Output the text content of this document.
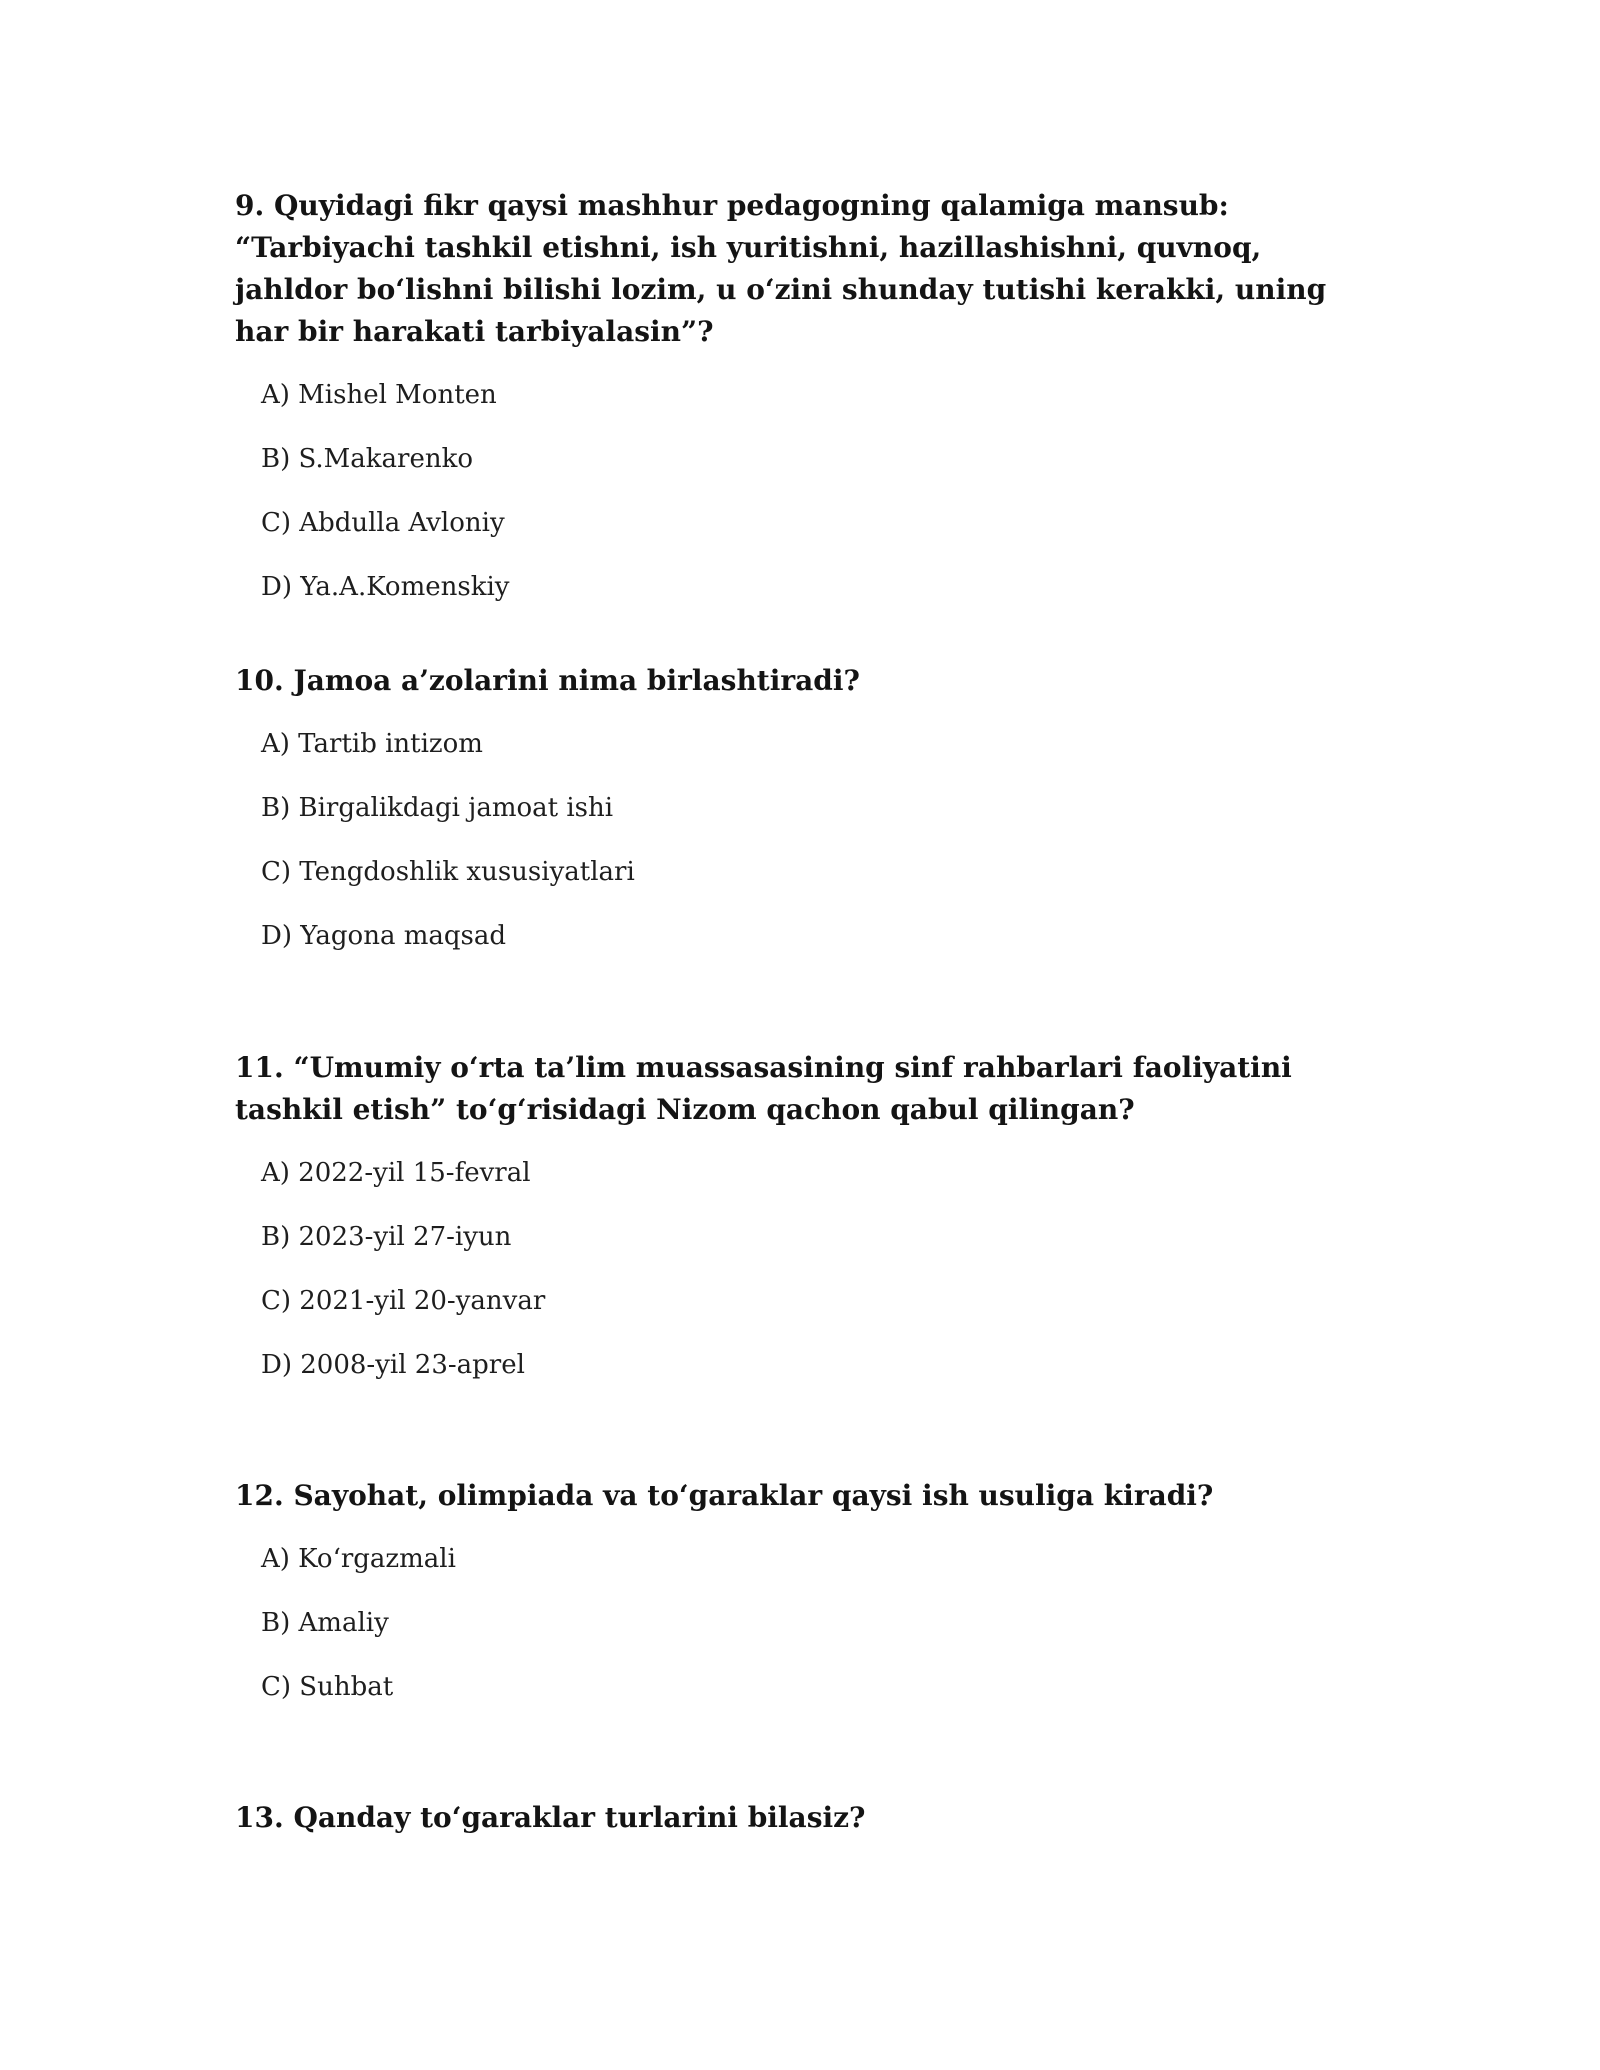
9. Quyidagi fikr qaysi mashhur pedagogning qalamiga mansub: “Tarbiyachi tashkil etishni, ish yuritishni, hazillashishni, quvnoq, jahldor bo‘lishni bilishi lozim, u o‘zini shunday tutishi kerakki, uning har bir harakati tarbiyalasin”?

A) Mishel Monten
B) S.Makarenko
C) Abdulla Avloniy
D) Ya.A.Komenskiy

10. Jamoa a’zolarini nima birlashtiradi?

A) Tartib intizom
B) Birgalikdagi jamoat ishi
C) Tengdoshlik xususiyatlari
D) Yagona maqsad

11. “Umumiy o‘rta ta’lim muassasasining sinf rahbarlari faoliyatini tashkil etish” to‘g‘risidagi Nizom qachon qabul qilingan?

A) 2022-yil 15-fevral
B) 2023-yil 27-iyun
C) 2021-yil 20-yanvar
D) 2008-yil 23-aprel

12. Sayohat, olimpiada va to‘garaklar qaysi ish usuliga kiradi?

A) Ko‘rgazmali
B) Amaliy
C) Suhbat

13. Qanday to‘garaklar turlarini bilasiz?
